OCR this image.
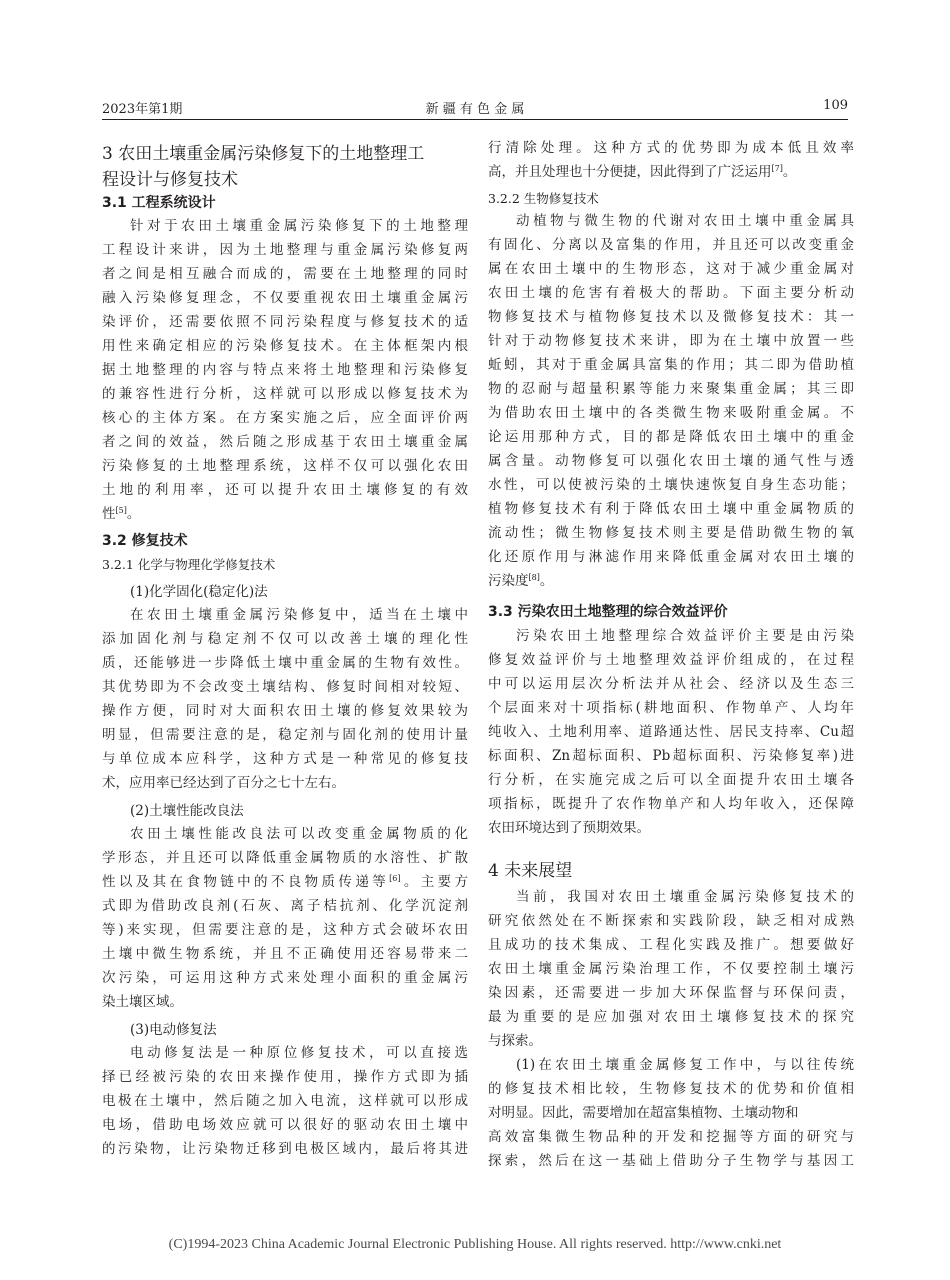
2023年第1期	新 疆 有 色 金 属	109
3 农田土壤重金属污染修复下的土地整理工
程设计与修复技术
3.1 工程系统设计
针对于农田土壤重金属污染修复下的土地整理
工程设计来讲，因为土地整理与重金属污染修复两
者之间是相互融合而成的，需要在土地整理的同时
融入污染修复理念，不仅要重视农田土壤重金属污
染评价，还需要依照不同污染程度与修复技术的适
用性来确定相应的污染修复技术。在主体框架内根
据土地整理的内容与特点来将土地整理和污染修复
的兼容性进行分析，这样就可以形成以修复技术为
核心的主体方案。在方案实施之后，应全面评价两
者之间的效益，然后随之形成基于农田土壤重金属
污染修复的土地整理系统，这样不仅可以强化农田
土地的利用率，还可以提升农田土壤修复的有效
性[5]。
3.2 修复技术
3.2.1 化学与物理化学修复技术
(1)化学固化(稳定化)法
在农田土壤重金属污染修复中，适当在土壤中
添加固化剂与稳定剂不仅可以改善土壤的理化性
质，还能够进一步降低土壤中重金属的生物有效性。
其优势即为不会改变土壤结构、修复时间相对较短、
操作方便，同时对大面积农田土壤的修复效果较为
明显，但需要注意的是，稳定剂与固化剂的使用计量
与单位成本应科学，这种方式是一种常见的修复技
术，应用率已经达到了百分之七十左右。
(2)土壤性能改良法
农田土壤性能改良法可以改变重金属物质的化
学形态，并且还可以降低重金属物质的水溶性、扩散
性以及其在食物链中的不良物质传递等[6]。主要方
式即为借助改良剂(石灰、离子桔抗剂、化学沉淀剂
等)来实现，但需要注意的是，这种方式会破坏农田
土壤中微生物系统，并且不正确使用还容易带来二
次污染，可运用这种方式来处理小面积的重金属污
染土壤区域。
(3)电动修复法
电动修复法是一种原位修复技术，可以直接选
择已经被污染的农田来操作使用，操作方式即为插
电极在土壤中，然后随之加入电流，这样就可以形成
电场，借助电场效应就可以很好的驱动农田土壤中
的污染物，让污染物迁移到电极区域内，最后将其进
行清除处理。这种方式的优势即为成本低且效率
高，并且处理也十分便捷，因此得到了广泛运用[7]。
3.2.2 生物修复技术
动植物与微生物的代谢对农田土壤中重金属具
有固化、分离以及富集的作用，并且还可以改变重金
属在农田土壤中的生物形态，这对于减少重金属对
农田土壤的危害有着极大的帮助。下面主要分析动
物修复技术与植物修复技术以及微修复技术：其一
针对于动物修复技术来讲，即为在土壤中放置一些
蚯蚓，其对于重金属具富集的作用；其二即为借助植
物的忍耐与超量积累等能力来聚集重金属；其三即
为借助农田土壤中的各类微生物来吸附重金属。不
论运用那种方式，目的都是降低农田土壤中的重金
属含量。动物修复可以强化农田土壤的通气性与透
水性，可以使被污染的土壤快速恢复自身生态功能；
植物修复技术有利于降低农田土壤中重金属物质的
流动性；微生物修复技术则主要是借助微生物的氧
化还原作用与淋滤作用来降低重金属对农田土壤的
污染度[8]。
3.3 污染农田土地整理的综合效益评价
污染农田土地整理综合效益评价主要是由污染
修复效益评价与土地整理效益评价组成的，在过程
中可以运用层次分析法并从社会、经济以及生态三
个层面来对十项指标(耕地面积、作物单产、人均年
纯收入、土地利用率、道路通达性、居民支持率、Cu超
标面积、Zn超标面积、Pb超标面积、污染修复率)进
行分析，在实施完成之后可以全面提升农田土壤各
项指标，既提升了农作物单产和人均年收入，还保障
农田环境达到了预期效果。
4 未来展望
当前，我国对农田土壤重金属污染修复技术的
研究依然处在不断探索和实践阶段，缺乏相对成熟
且成功的技术集成、工程化实践及推广。想要做好
农田土壤重金属污染治理工作，不仅要控制土壤污
染因素，还需要进一步加大环保监督与环保问责，
最为重要的是应加强对农田土壤修复技术的探究
与探索。
(1)在农田土壤重金属修复工作中，与以往传统
的修复技术相比较，生物修复技术的优势和价值相
对明显。因此，需要增加在超富集植物、土壤动物和
高效富集微生物品种的开发和挖掘等方面的研究与
探索，然后在这一基础上借助分子生物学与基因工
(C)1994-2023 China Academic Journal Electronic Publishing House. All rights reserved. http://www.cnki.net
